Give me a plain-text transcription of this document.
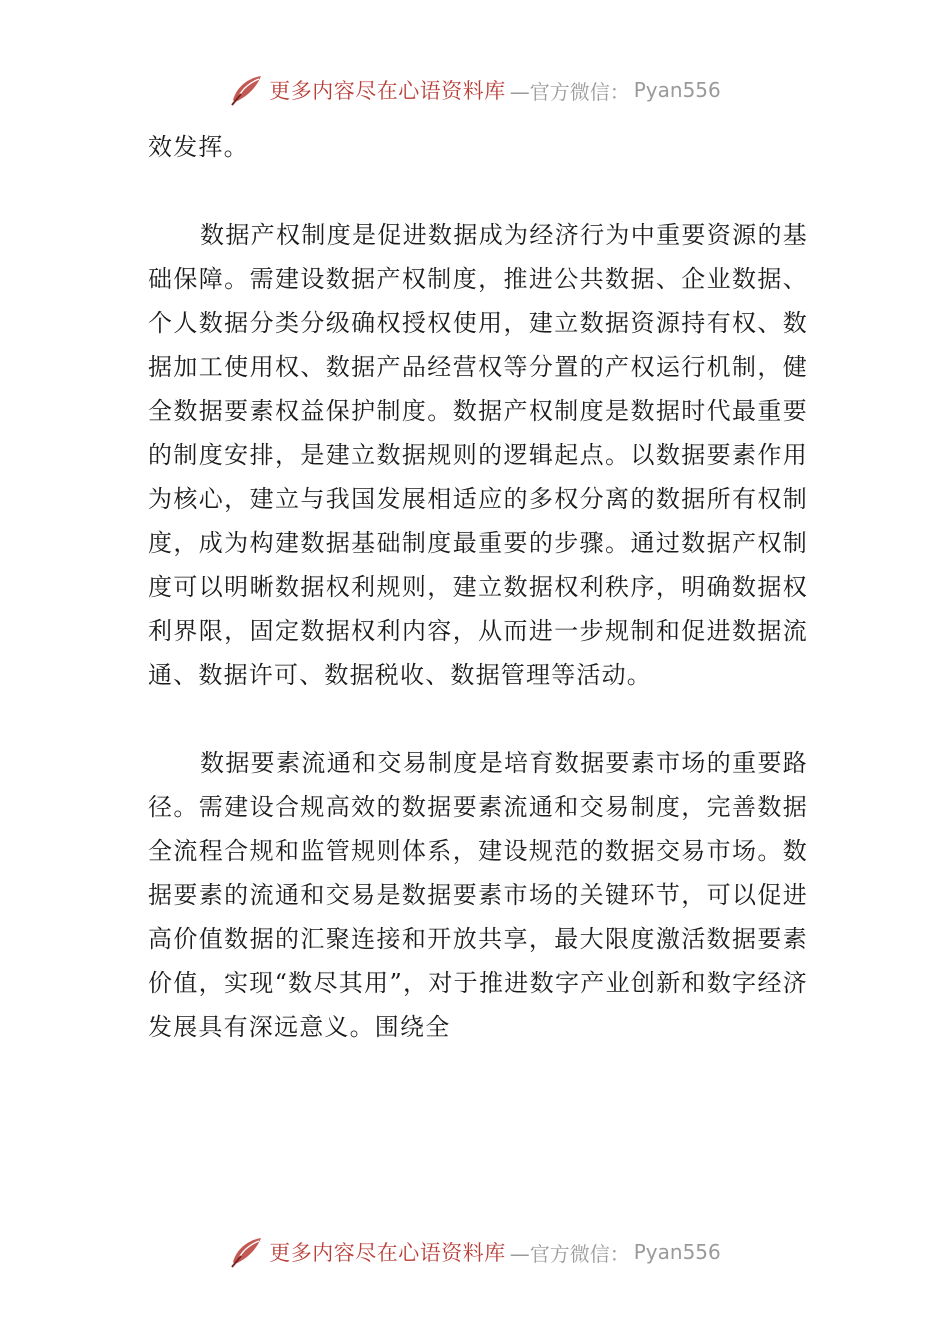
更多内容尽在心语资料库 —官方微信： Pyan556

效发挥。

数据产权制度是促进数据成为经济行为中重要资源的基础保障。需建设数据产权制度，推进公共数据、企业数据、个人数据分类分级确权授权使用，建立数据资源持有权、数据加工使用权、数据产品经营权等分置的产权运行机制，健全数据要素权益保护制度。数据产权制度是数据时代最重要的制度安排，是建立数据规则的逻辑起点。以数据要素作用为核心，建立与我国发展相适应的多权分离的数据所有权制度，成为构建数据基础制度最重要的步骤。通过数据产权制度可以明晰数据权利规则，建立数据权利秩序，明确数据权利界限，固定数据权利内容，从而进一步规制和促进数据流通、数据许可、数据税收、数据管理等活动。

数据要素流通和交易制度是培育数据要素市场的重要路径。需建设合规高效的数据要素流通和交易制度，完善数据全流程合规和监管规则体系，建设规范的数据交易市场。数据要素的流通和交易是数据要素市场的关键环节，可以促进高价值数据的汇聚连接和开放共享，最大限度激活数据要素价值，实现“数尽其用”，对于推进数字产业创新和数字经济发展具有深远意义。围绕全

更多内容尽在心语资料库 —官方微信： Pyan556
